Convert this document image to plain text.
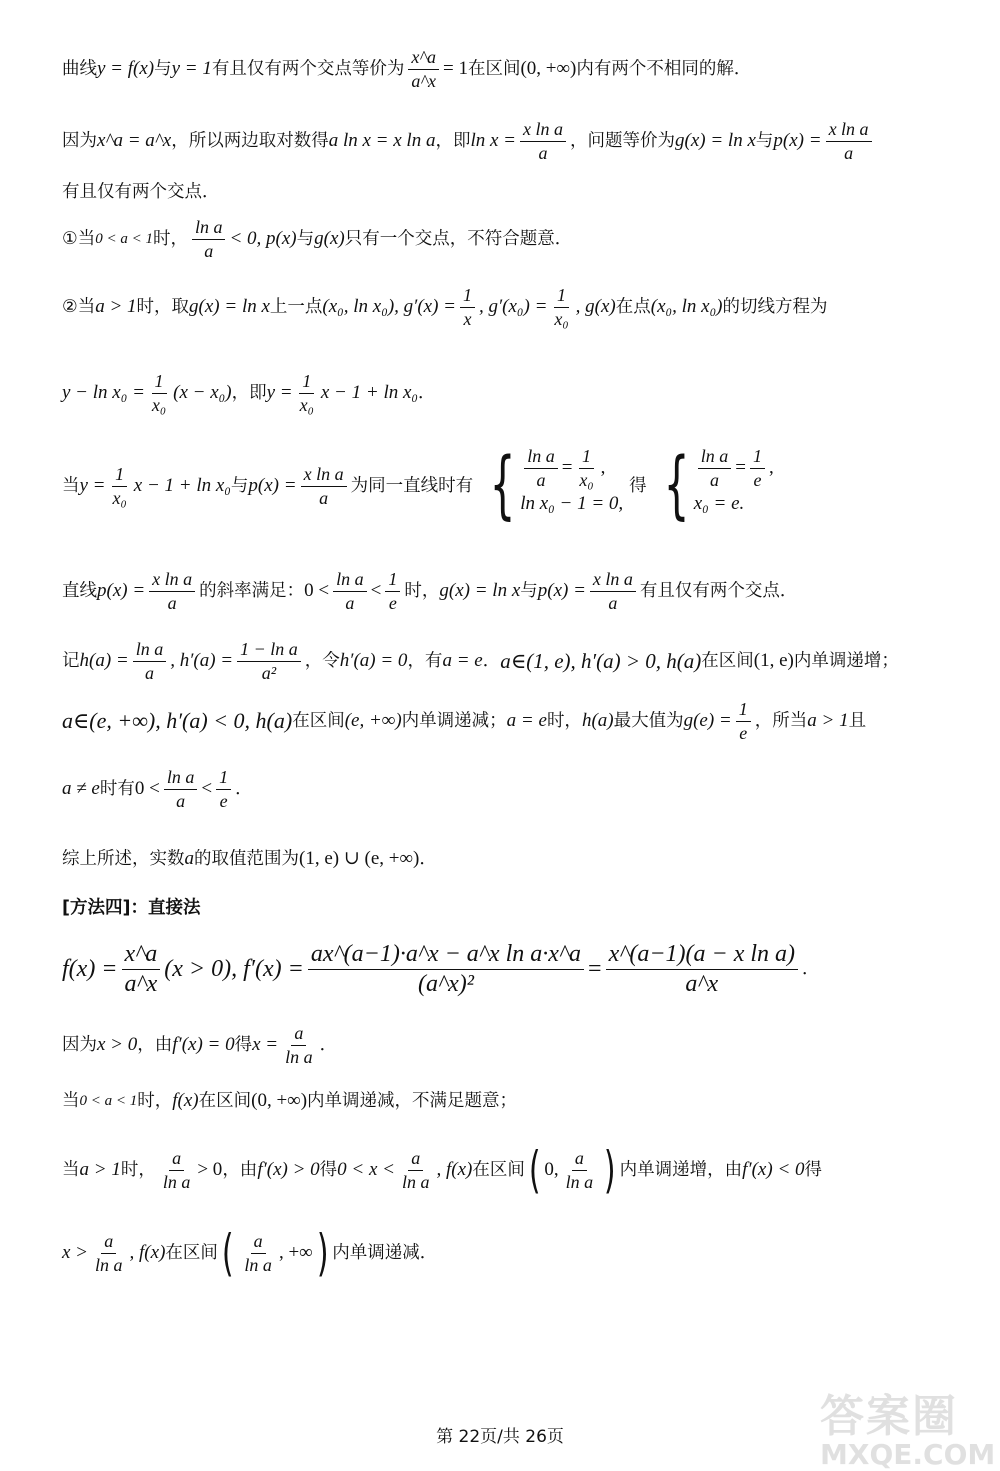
曲线 y = f(x) 与 y = 1 有且仅有两个交点等价为 $\frac{x\^{}a}{a\^{}x} = 1$ 在区间 (0, +∞) 内有两个不相同的解．
因为 x^a = a^x ，所以两边取对数得 a ln x = x ln a ，即 $\ln x = \frac{\text{x ln a}}{a}$ ，问题等价为 g(x) = ln x 与 $p(x) = \frac{\text{x ln a}}{a}$
有且仅有两个交点．
①当 0 < a < 1 时， $\frac{\text{ln a}}{a} < 0$, p(x) 与 g(x) 只有一个交点，不符合题意．
②当 a > 1 时，取 g(x) = ln x 上一点 (x₀, ln x₀), $g'(x) = \frac{1}{x}$ , $g'(x_0) = \frac{1}{\text{x₀}}$ , g(x) 在点 (x₀, ln x₀) 的切线方程为
$y - \ln x_0 = \frac{1}{\text{x₀}} (x - x_0)$ ，即 $y = \frac{1}{\text{x₀}}$ x − 1 + ln x₀ ．
当 $y = \frac{1}{\text{x₀}}$ x − 1 + ln x₀ 与 $p(x) = \frac{\text{x ln a}}{a}$ 为同一直线时有 { $\frac{\text{ln a}}{a} = \frac{1}{\text{x₀}}$ ,
ln x₀ − 1 = 0,
得 { $\frac{\text{ln a}}{a} = \frac{1}{e}$ ,
x₀ = e.
直线 $p(x) = \frac{\text{x ln a}}{a}$ 的斜率满足： $0 < \frac{\text{ln a}}{a} < \frac{1}{e}$ 时， g(x) = ln x 与 $p(x) = \frac{\text{x ln a}}{a}$ 有且仅有两个交点．
记 $h(a) = \frac{\text{ln a}}{a}$ , $h'(a) = \frac{\text{1 − ln a}}{\text{a²}}$ ，令 h′(a) = 0 ，有 a = e ． a∈(1, e), h′(a) > 0, h(a) 在区间 (1, e) 内单调递增；
a∈(e, +∞), h′(a) < 0, h(a) 在区间 (e, +∞) 内单调递减； a = e 时， h(a) 最大值为 $g(e) = \frac{1}{e}$ ，所当 a > 1 且
a ≠ e 时有 $0 < \frac{\text{ln a}}{a} < \frac{1}{e}$ ．
综上所述，实数 a 的取值范围为 (1, e) ∪ (e, +∞) ．
[方法四]：直接法
$f(x) = \frac{x\^{}a}{a\^{}x} (x > 0)$, $f'(x) = \frac{\text{ax\textasciicircum{}(a−1)·a\textasciicircum{}x − a\textasciicircum{}x ln a·x\textasciicircum{}a}}{\text{(a\textasciicircum{}x)²}} = \frac{\text{x\textasciicircum{}(a−1)(a − x ln a)}}{a\^{}x}$ ．
因为 x > 0 ，由 f′(x) = 0 得 $x = \frac{a}{\text{ln a}}$ ．
当 0 < a < 1 时， f(x) 在区间 (0, +∞) 内单调递减，不满足题意；
当 a > 1 时， $\frac{a}{\text{ln a}} > 0$ ，由 f′(x) > 0 得 $0 < x < \frac{a}{\text{ln a}}$ , f(x) 在区间 ( 0, $\frac{a}{\text{ln a}}$ ) 内单调递增，由 f′(x) < 0 得
$x > \frac{a}{\text{ln a}}$ , f(x) 在区间 ( $\frac{a}{\text{ln a}}$ , +∞ ) 内单调递减．
第 22页/共 26页	答案圈
MXQE.COM
